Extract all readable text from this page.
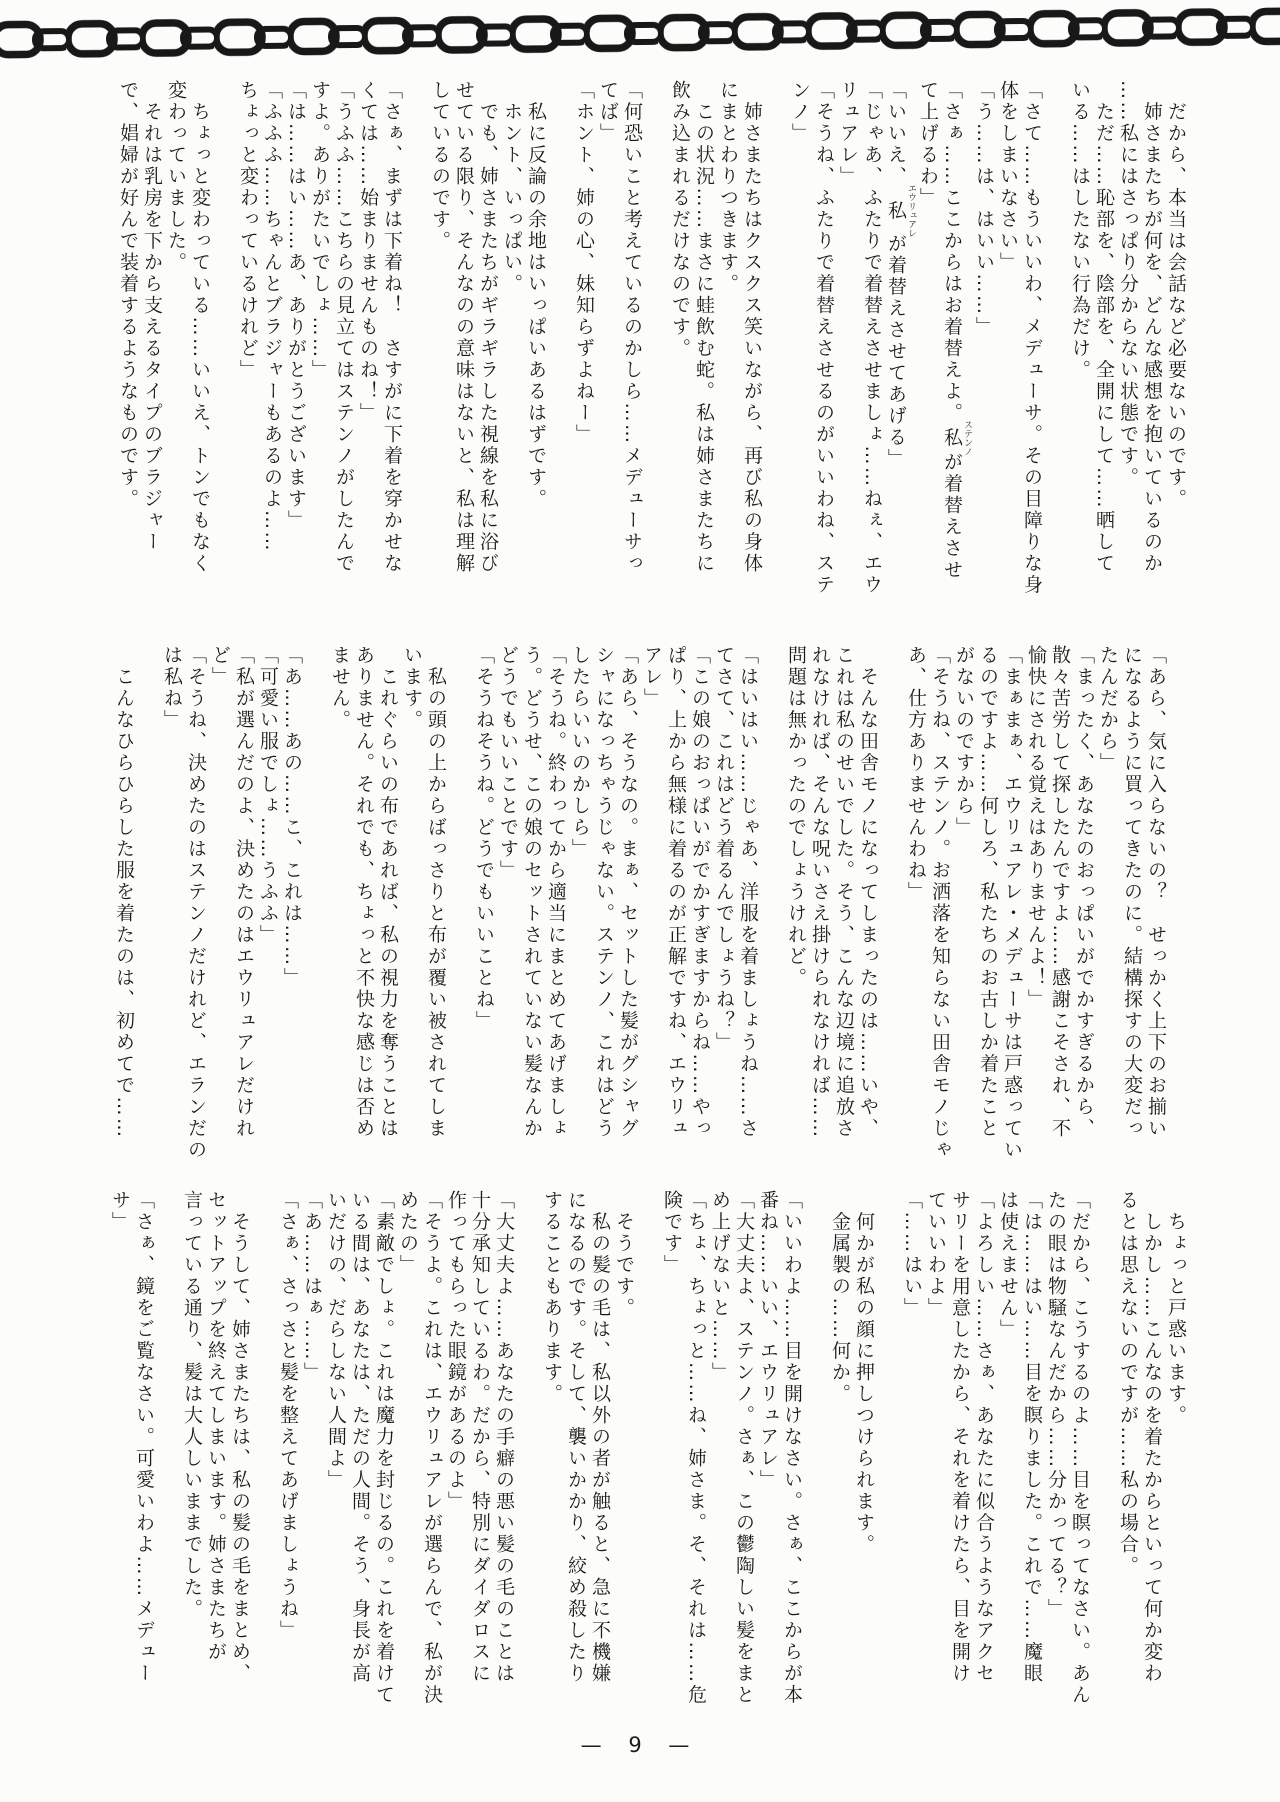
　だから、本当は会話など必要ないのです。

　姉さまたちが何を、どんな感想を抱いているのか

……私にはさっぱり分からない状態です。

　ただ……恥部を、陰部を、全開にして……晒して

いる……はしたない行為だけ。

「さて……もういいわ、メデューサ。その目障りな身

体をしまいなさい」

「う……は、はいい……」

「さぁ……ここからはお着替えよ。私 ステンノが着替えさせ

て上げるわ」

「いいえ、私 エウリュアレが着替えさせてあげる」

「じゃあ、ふたりで着替えさせましょ……ねぇ、エウ

リュアレ」

「そうね、ふたりで着替えさせるのがいいわね、ステ

ンノ」

　姉さまたちはクスクス笑いながら、再び私の身体

にまとわりつきます。

　この状況……まさに蛙飲む蛇。私は姉さまたちに

飲み込まれるだけなのです。

「何恐いこと考えているのかしら……メデューサっ

てば」

「ホント、姉の心、妹知らずよねー」

　私に反論の余地はいっぱいあるはずです。

　ホント、いっぱい。

　でも、姉さまたちがギラギラした視線を私に浴び

せている限り、そんなのの意味はないと、私は理解

しているのです。

「さぁ、まずは下着ね！　さすがに下着を穿かせな

くては……始まりませんものね！」

「うふふ……こちらの見立てはステンノがしたんで

すよ。ありがたいでしょ……」

「は……はい……あ、ありがとうございます」

「ふふふ……ちゃんとブラジャーもあるのよ……

ちょっと変わっているけれど」

　ちょっと変わっている……いいえ、トンでもなく

変わっていました。

　それは乳房を下から支えるタイプのブラジャー

で、娼婦が好んで装着するようなものです。

「あら、気に入らないの？　せっかく上下のお揃い

になるように買ってきたのに。結構探すの大変だっ

たんだから」

「まったく、あなたのおっぱいがでかすぎるから、

散々苦労して探したんですよ……感謝こそされ、不

愉快にされる覚えはありませんよ！」

「まぁまぁ、エウリュアレ・メデューサは戸惑ってい

るのですよ……何しろ、私たちのお古しか着たこと

がないのですから」

「そうね、ステンノ。お洒落を知らない田舎モノじゃ

あ、仕方ありませんわね」

　そんな田舎モノになってしまったのは……いや、

これは私のせいでした。そう、こんな辺境に追放さ

れなければ、そんな呪いさえ掛けられなければ……

問題は無かったのでしょうけれど。

「はいはい……じゃあ、洋服を着ましょうね……さ

てさて、これはどう着るんでしょうね？」

「この娘のおっぱいがでかすぎますからね……やっ

ぱり、上から無様に着るのが正解ですね、エウリュ

アレ」

「あら、そうなの。まぁ、セットした髪がグシャグ

シャになっちゃうじゃない。ステンノ、これはどう

したらいいのかしら」

「そうね。終わってから適当にまとめてあげましょ

う。どうせ、この娘のセットされていない髪なんか

どうでもいいことです」

「そうねそうね。どうでもいいことね」

　私の頭の上からばっさりと布が覆い被されてしま

います。

　これぐらいの布であれば、私の視力を奪うことは

ありません。それでも、ちょっと不快な感じは否め

ません。

「あ……あの……こ、これは……」

「可愛い服でしょ……うふふ」

「私が選んだのよ、決めたのはエウリュアレだけれ

ど」

「そうね、決めたのはステンノだけれど、エランだの

は私ね」

　こんなひらひらした服を着たのは、初めてで……

　ちょっと戸惑います。

　しかし……こんなのを着たからといって何か変わ

るとは思えないのですが……私の場合。

「だから、こうするのよ……目を瞑ってなさい。あん

たの眼は物騒なんだから……分かってる？」

「は……はい……目を瞑りました。これで……魔眼

は使えません」

「よろしい……さぁ、あなたに似合うようなアクセ

サリーを用意したから、それを着けたら、目を開け

ていいわよ」

「……はい」

　何かが私の顔に押しつけられます。

　金属製の……何か。

「いいわよ……目を開けなさい。さぁ、ここからが本

番ね……いい、エウリュアレ」

「大丈夫よ、ステンノ。さぁ、この鬱陶しい髪をまと

め上げないと……」

「ちょ、ちょっと……ね、姉さま。そ、それは……危

険です」

　そうです。

　私の髪の毛は、私以外の者が触ると、急に不機嫌

になるのです。そして、襲いかかり、絞め殺したり

することもあります。

「大丈夫よ……あなたの手癖の悪い髪の毛のことは

十分承知しているわ。だから、特別にダイダロスに

作ってもらった眼鏡があるのよ」

「そうよ。これは、エウリュアレが選らんで、私が決

めたの」

「素敵でしょ。これは魔力を封じるの。これを着けて

いる間は、あなたは、ただの人間。そう、身長が高

いだけの、だらしない人間よ」

「あ……はぁ……」

「さぁ、さっさと髪を整えてあげましょうね」

　そうして、姉さまたちは、私の髪の毛をまとめ、

セットアップを終えてしまいます。姉さまたちが

言っている通り、髪は大人しいままでした。

「さぁ、鏡をご覧なさい。可愛いわよ……メデュー

サ」

— 9 —
